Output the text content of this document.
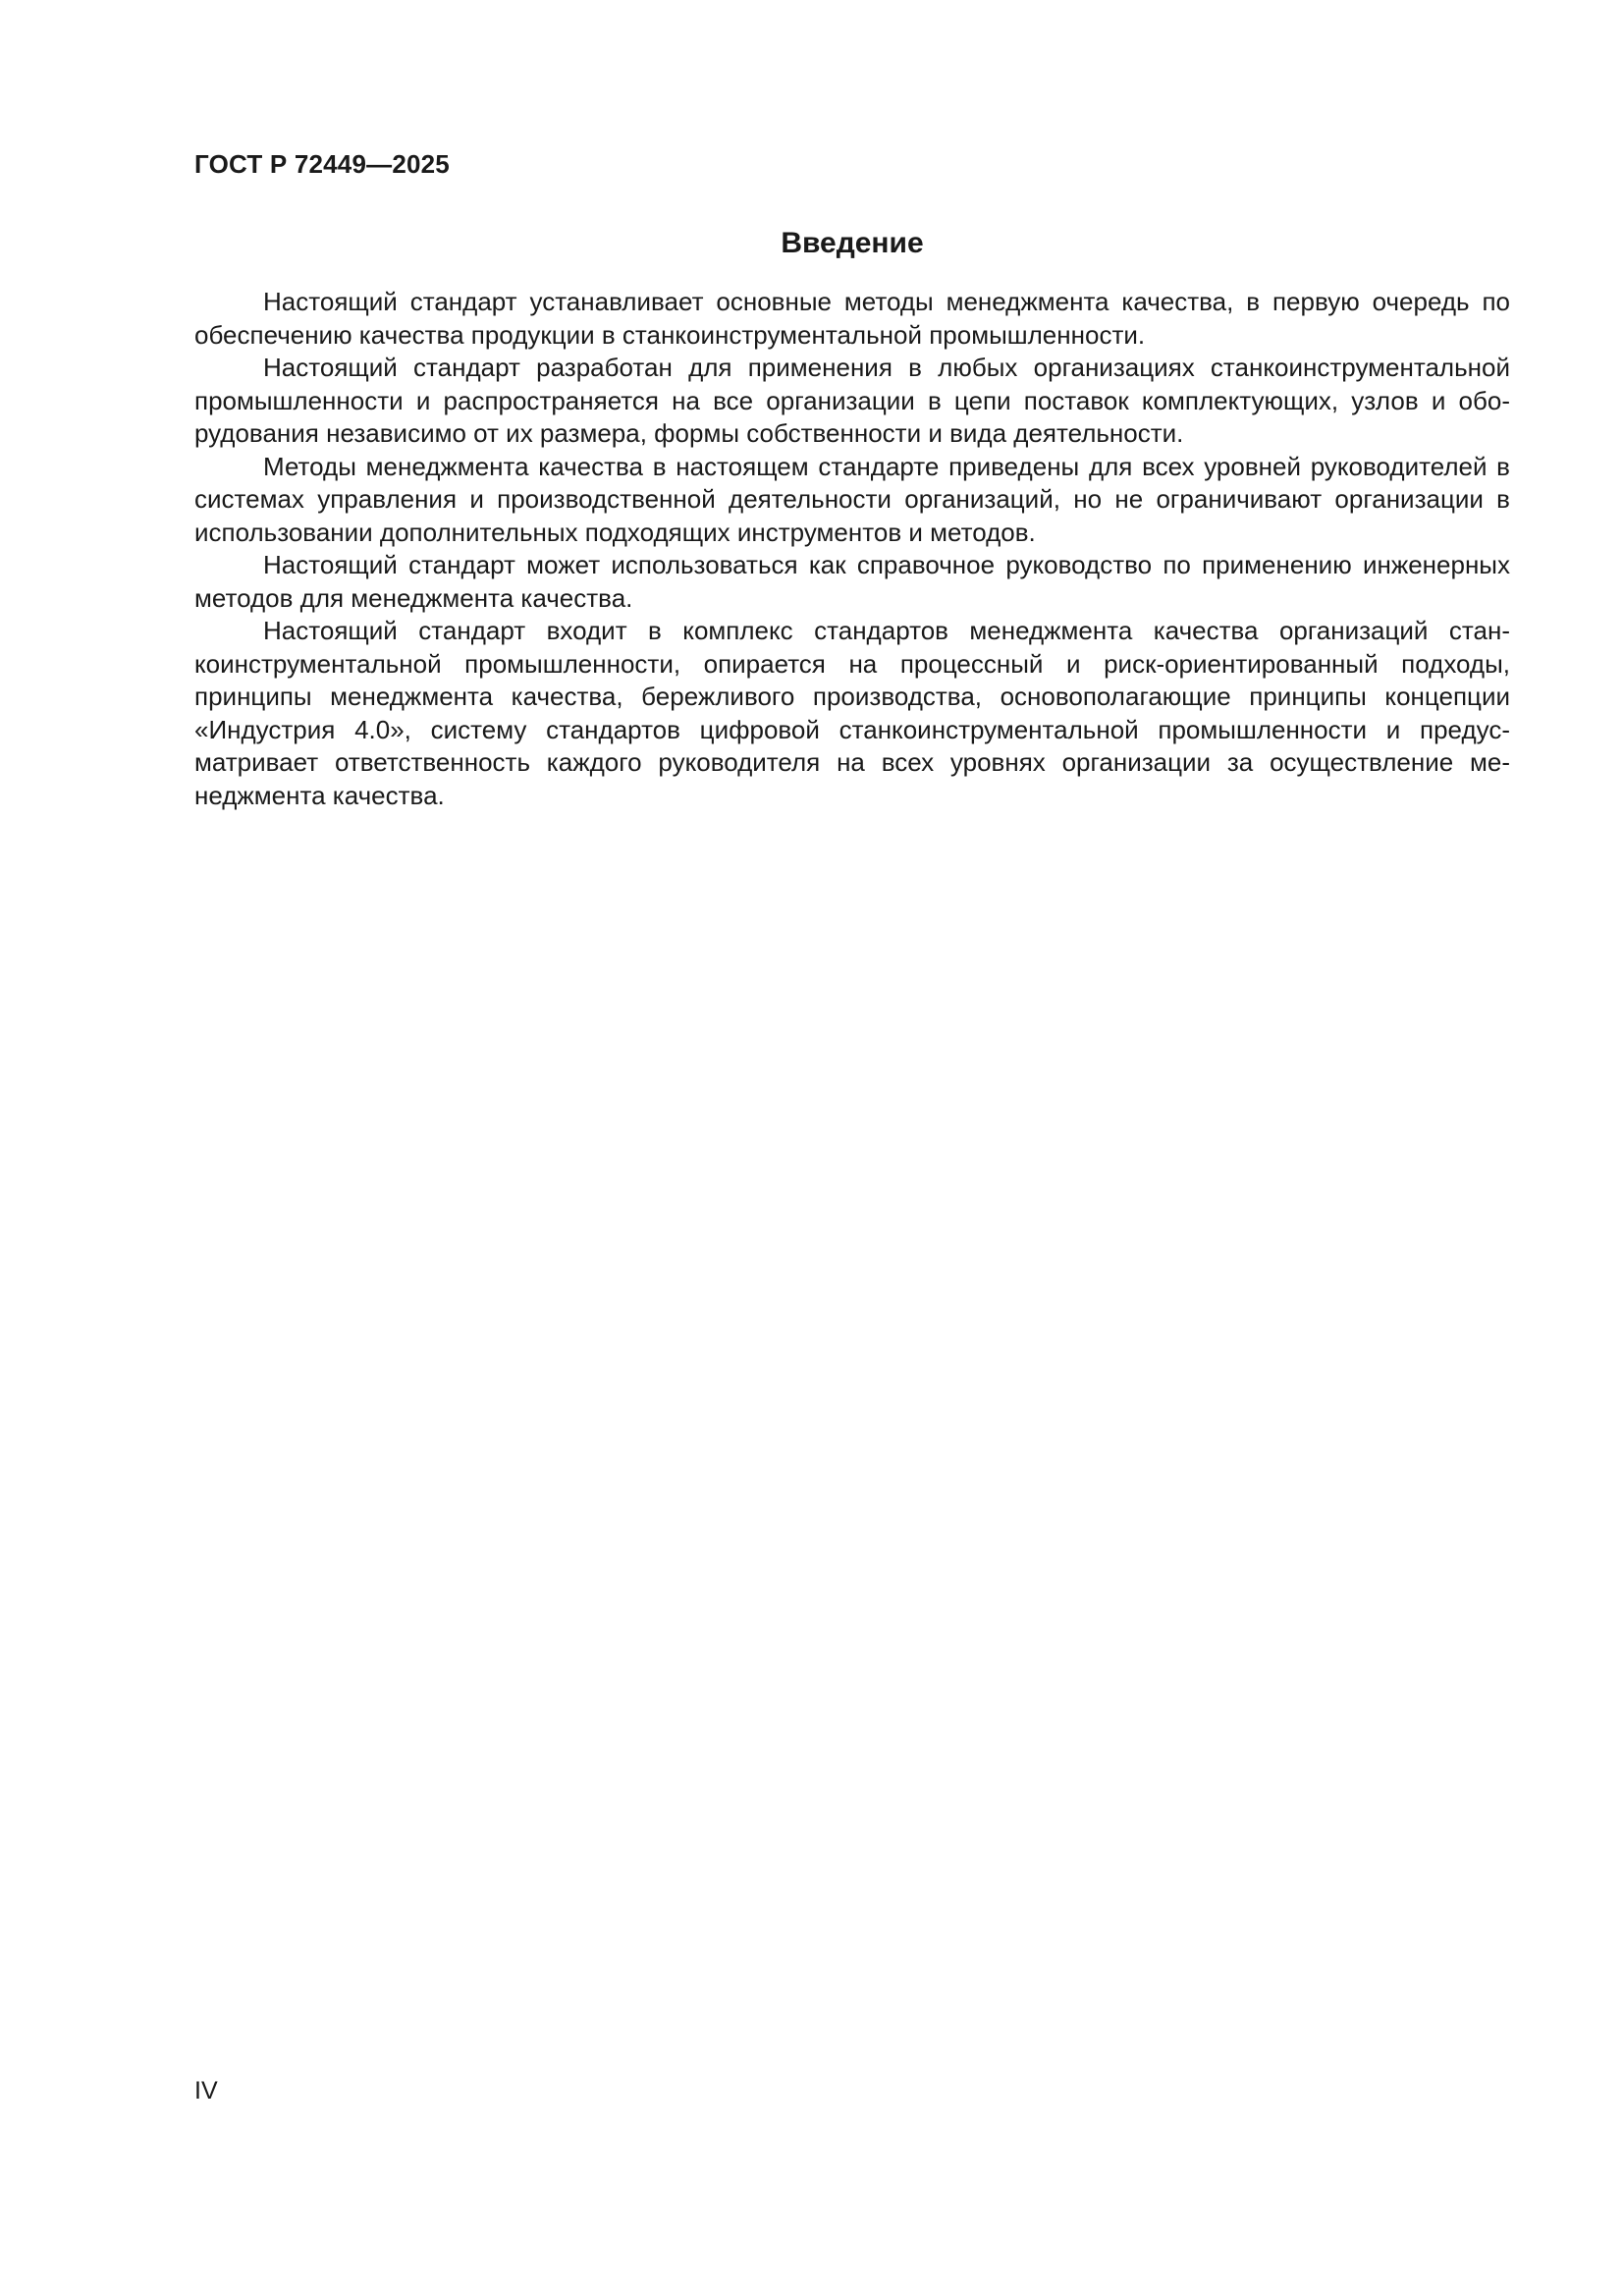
ГОСТ Р 72449—2025

Введение

Настоящий стандарт устанавливает основные методы менеджмента качества, в первую очередь по обеспечению качества продукции в станкоинструментальной промышленности.

Настоящий стандарт разработан для применения в любых организациях станкоинструментальной промышленности и распространяется на все организации в цепи поставок комплектующих, узлов и оборудования независимо от их размера, формы собственности и вида деятельности.

Методы менеджмента качества в настоящем стандарте приведены для всех уровней руководителей в системах управления и производственной деятельности организаций, но не ограничивают организации в использовании дополнительных подходящих инструментов и методов.

Настоящий стандарт может использоваться как справочное руководство по применению инженерных методов для менеджмента качества.

Настоящий стандарт входит в комплекс стандартов менеджмента качества организаций станкоинструментальной промышленности, опирается на процессный и риск-ориентированный подходы, принципы менеджмента качества, бережливого производства, основополагающие принципы концепции «Индустрия 4.0», систему стандартов цифровой станкоинструментальной промышленности и предусматривает ответственность каждого руководителя на всех уровнях организации за осуществление менеджмента качества.

IV
